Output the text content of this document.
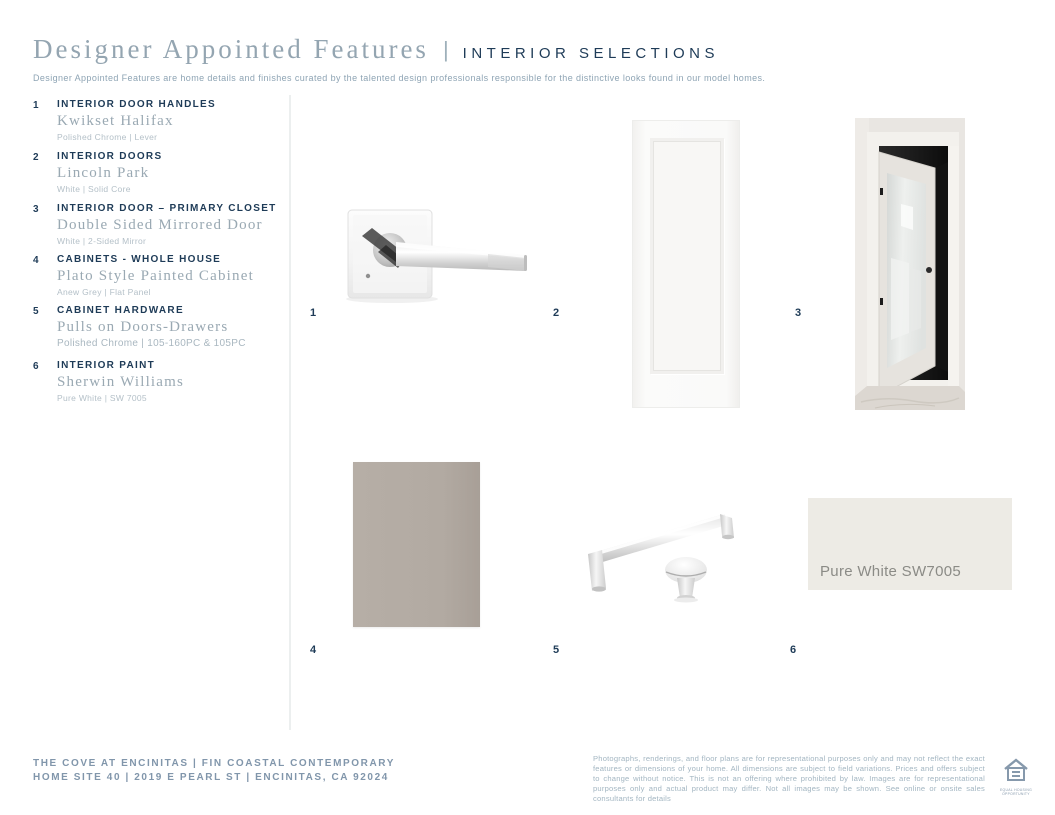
Designer Appointed Features | INTERIOR SELECTIONS
Designer Appointed Features are home details and finishes curated by the talented design professionals responsible for the distinctive looks found in our model homes.
1	INTERIOR DOOR HANDLES
Kwikset Halifax
Polished Chrome | Lever
2	INTERIOR DOORS
Lincoln Park
White | Solid Core
3	INTERIOR DOOR – PRIMARY CLOSET
Double Sided Mirrored Door
White | 2-Sided Mirror
4	CABINETS - WHOLE HOUSE
Plato Style Painted Cabinet
Anew Grey | Flat Panel
5	CABINET HARDWARE
Pulls on Doors-Drawers
Polished Chrome | 105-160PC & 105PC
6	INTERIOR PAINT
Sherwin Williams
Pure White | SW 7005
1	2	3
4	5	6
Pure White SW7005
THE COVE AT ENCINITAS | FIN COASTAL CONTEMPORARY
HOME SITE 40 | 2019 E PEARL ST | ENCINITAS, CA 92024
Photographs, renderings, and floor plans are for representational purposes only and may not reflect the exact features or dimensions of your home. All dimensions are subject to field variations. Prices and offers subject to change without notice. This is not an offering where prohibited by law. Images are for representational purposes only and actual product may differ. Not all images may be shown. See online or onsite sales consultants for details
EQUAL HOUSING
OPPORTUNITY
